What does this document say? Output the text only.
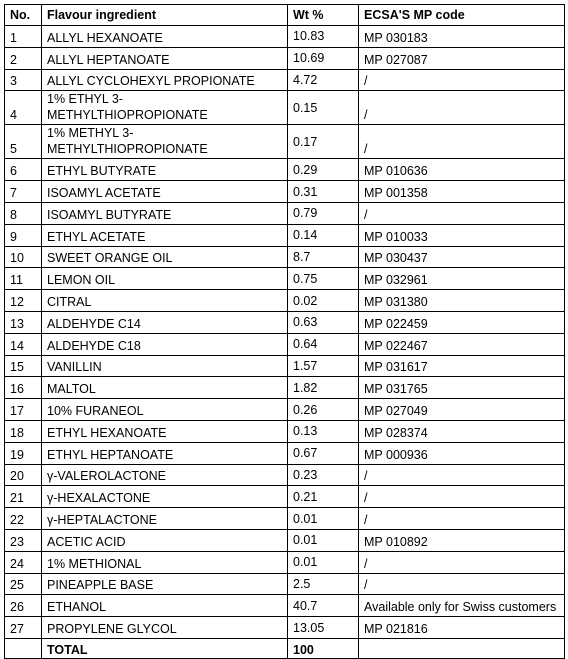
No.	Flavour ingredient	Wt %	ECSA'S MP code
1	ALLYL HEXANOATE	10.83	MP 030183
2	ALLYL HEPTANOATE	10.69	MP 027087
3	ALLYL CYCLOHEXYL PROPIONATE	4.72	/
4	1% ETHYL 3-METHYLTHIOPROPIONATE	0.15	/
5	1% METHYL 3-METHYLTHIOPROPIONATE	0.17	/
6	ETHYL BUTYRATE	0.29	MP 010636
7	ISOAMYL ACETATE	0.31	MP 001358
8	ISOAMYL BUTYRATE	0.79	/
9	ETHYL ACETATE	0.14	MP 010033
10	SWEET ORANGE OIL	8.7	MP 030437
11	LEMON OIL	0.75	MP 032961
12	CITRAL	0.02	MP 031380
13	ALDEHYDE C14	0.63	MP 022459
14	ALDEHYDE C18	0.64	MP 022467
15	VANILLIN	1.57	MP 031617
16	MALTOL	1.82	MP 031765
17	10% FURANEOL	0.26	MP 027049
18	ETHYL HEXANOATE	0.13	MP 028374
19	ETHYL HEPTANOATE	0.67	MP 000936
20	γ-VALEROLACTONE	0.23	/
21	γ-HEXALACTONE	0.21	/
22	γ-HEPTALACTONE	0.01	/
23	ACETIC ACID	0.01	MP 010892
24	1% METHIONAL	0.01	/
25	PINEAPPLE BASE	2.5	/
26	ETHANOL	40.7	Available only for Swiss customers
27	PROPYLENE GLYCOL	13.05	MP 021816
	TOTAL	100	
